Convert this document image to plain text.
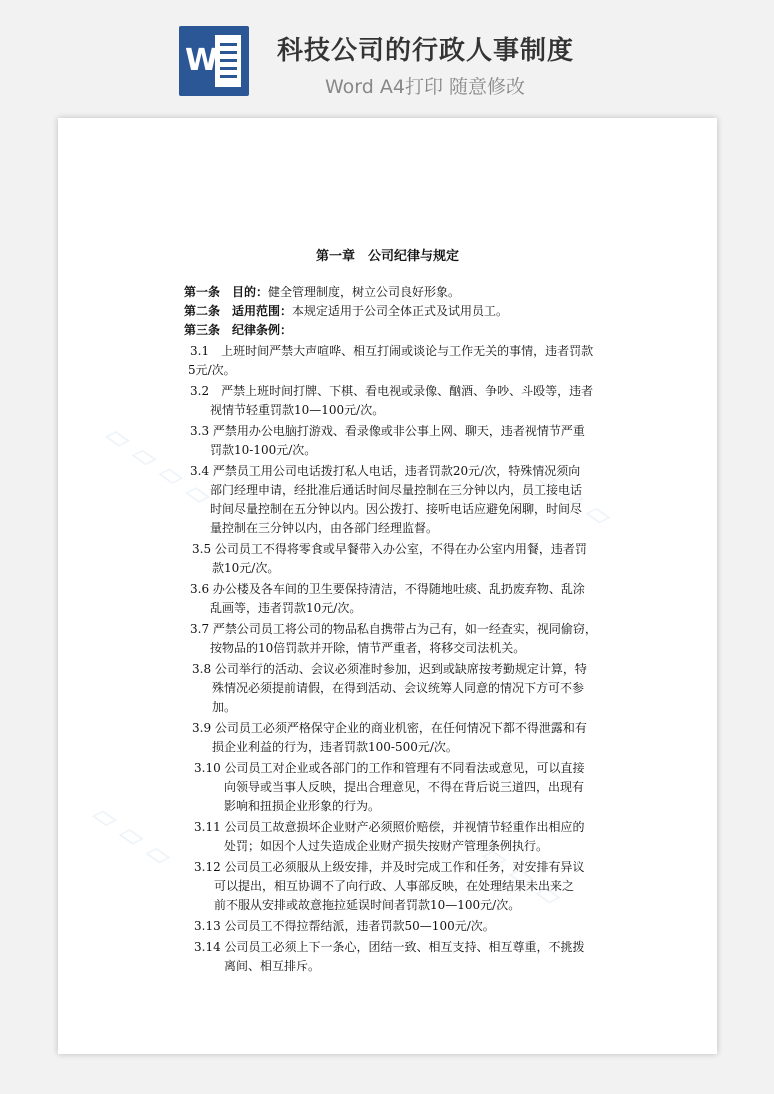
W 科技公司的行政人事制度
Word A4打印 随意修改
▱ ▱ ▱ ▱	▱ ▱ ▱
▱ ▱ ▱
▱ ▱ ▱
第一章　公司纪律与规定
第一条　目的：健全管理制度，树立公司良好形象。
第二条　适用范围：本规定适用于公司全体正式及试用员工。
第三条　纪律条例：
3.1　上班时间严禁大声喧哗、相互打闹或谈论与工作无关的事情，违者罚款
5元/次。
3.2　严禁上班时间打牌、下棋、看电视或录像、酗酒、争吵、斗殴等，违者
视情节轻重罚款10—100元/次。
3.3 严禁用办公电脑打游戏、看录像或非公事上网、聊天，违者视情节严重
罚款10-100元/次。
3.4 严禁员工用公司电话拨打私人电话，违者罚款20元/次，特殊情况须向
部门经理申请，经批准后通话时间尽量控制在三分钟以内，员工接电话
时间尽量控制在五分钟以内。因公拨打、接听电话应避免闲聊，时间尽
量控制在三分钟以内，由各部门经理监督。
3.5 公司员工不得将零食或早餐带入办公室，不得在办公室内用餐，违者罚
款10元/次。
3.6 办公楼及各车间的卫生要保持清洁，不得随地吐痰、乱扔废弃物、乱涂
乱画等，违者罚款10元/次。
3.7 严禁公司员工将公司的物品私自携带占为己有，如一经查实，视同偷窃，
按物品的10倍罚款并开除，情节严重者，将移交司法机关。
3.8 公司举行的活动、会议必须准时参加，迟到或缺席按考勤规定计算，特
殊情况必须提前请假，在得到活动、会议统筹人同意的情况下方可不参
加。
3.9 公司员工必须严格保守企业的商业机密，在任何情况下都不得泄露和有
损企业利益的行为，违者罚款100-500元/次。
3.10 公司员工对企业或各部门的工作和管理有不同看法或意见，可以直接
向领导或当事人反映，提出合理意见，不得在背后说三道四，出现有
影响和扭损企业形象的行为。
3.11 公司员工故意损坏企业财产必须照价赔偿，并视情节轻重作出相应的
处罚；如因个人过失造成企业财产损失按财产管理条例执行。
3.12 公司员工必须服从上级安排，并及时完成工作和任务，对安排有异议
可以提出，相互协调不了向行政、人事部反映，在处理结果未出来之
前不服从安排或故意拖拉延误时间者罚款10—100元/次。
3.13 公司员工不得拉帮结派，违者罚款50—100元/次。
3.14 公司员工必须上下一条心，团结一致、相互支持、相互尊重，不挑拨
离间、相互排斥。
